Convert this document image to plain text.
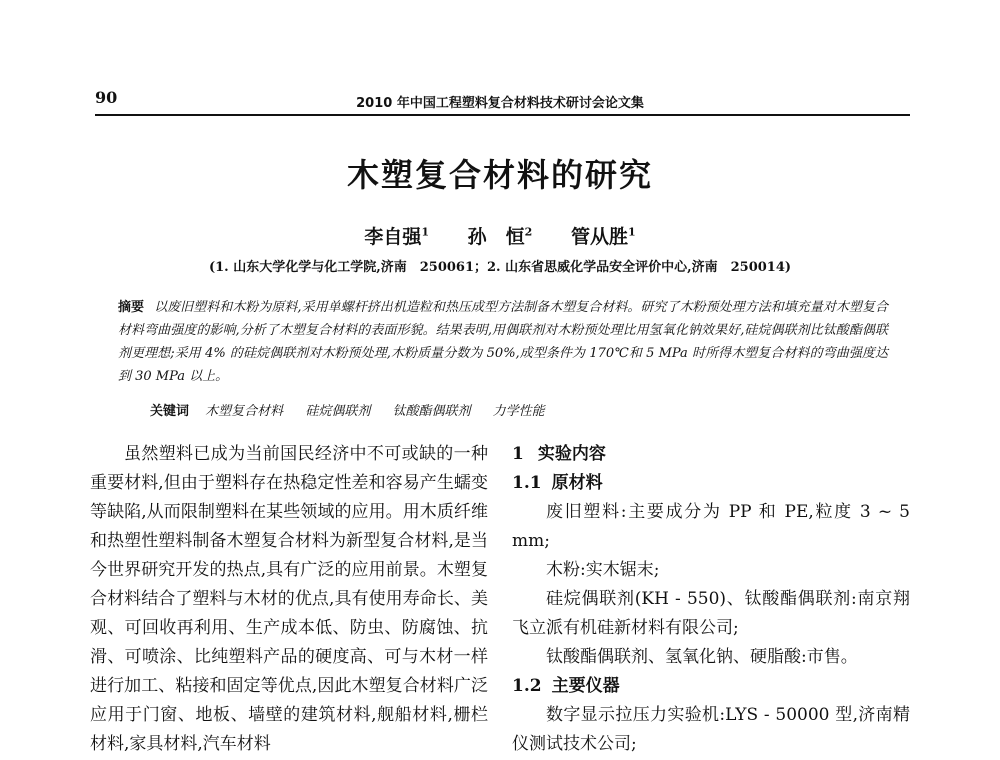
90	2010 年中国工程塑料复合材料技术研讨会论文集
木塑复合材料的研究
李自强$^1$ 孙　恒$^2$ 管从胜$^1$
(1. 山东大学化学与化工学院,济南　250061；2. 山东省思威化学品安全评价中心,济南　250014)
摘要 以废旧塑料和木粉为原料,采用单螺杆挤出机造粒和热压成型方法制备木塑复合材料。研究了木粉预处理方法和填充量对木塑复合材料弯曲强度的影响,分析了木塑复合材料的表面形貌。结果表明,用偶联剂对木粉预处理比用氢氧化钠效果好,硅烷偶联剂比钛酸酯偶联剂更理想;采用 4% 的硅烷偶联剂对木粉预处理,木粉质量分数为 50%,成型条件为 170℃和 5 MPa 时所得木塑复合材料的弯曲强度达到 30 MPa 以上。
关键词 木塑复合材料 硅烷偶联剂 钛酸酯偶联剂 力学性能

虽然塑料已成为当前国民经济中不可或缺的一种重要材料,但由于塑料存在热稳定性差和容易产生蠕变等缺陷,从而限制塑料在某些领域的应用。用木质纤维和热塑性塑料制备木塑复合材料为新型复合材料,是当今世界研究开发的热点,具有广泛的应用前景。木塑复合材料结合了塑料与木材的优点,具有使用寿命长、美观、可回收再利用、生产成本低、防虫、防腐蚀、抗滑、可喷涂、比纯塑料产品的硬度高、可与木材一样进行加工、粘接和固定等优点,因此木塑复合材料广泛应用于门窗、地板、墙壁的建筑材料,舰船材料,栅栏材料,家具材料,汽车材料

1 实验内容
1.1 原材料
废旧塑料:主要成分为 PP 和 PE,粒度 3 ~ 5 mm;
木粉:实木锯末;
硅烷偶联剂(KH - 550)、钛酸酯偶联剂:南京翔飞立派有机硅新材料有限公司;
钛酸酯偶联剂、氢氧化钠、硬脂酸:市售。
1.2 主要仪器
数字显示拉压力实验机:LYS - 50000 型,济南精仪测试技术公司;
